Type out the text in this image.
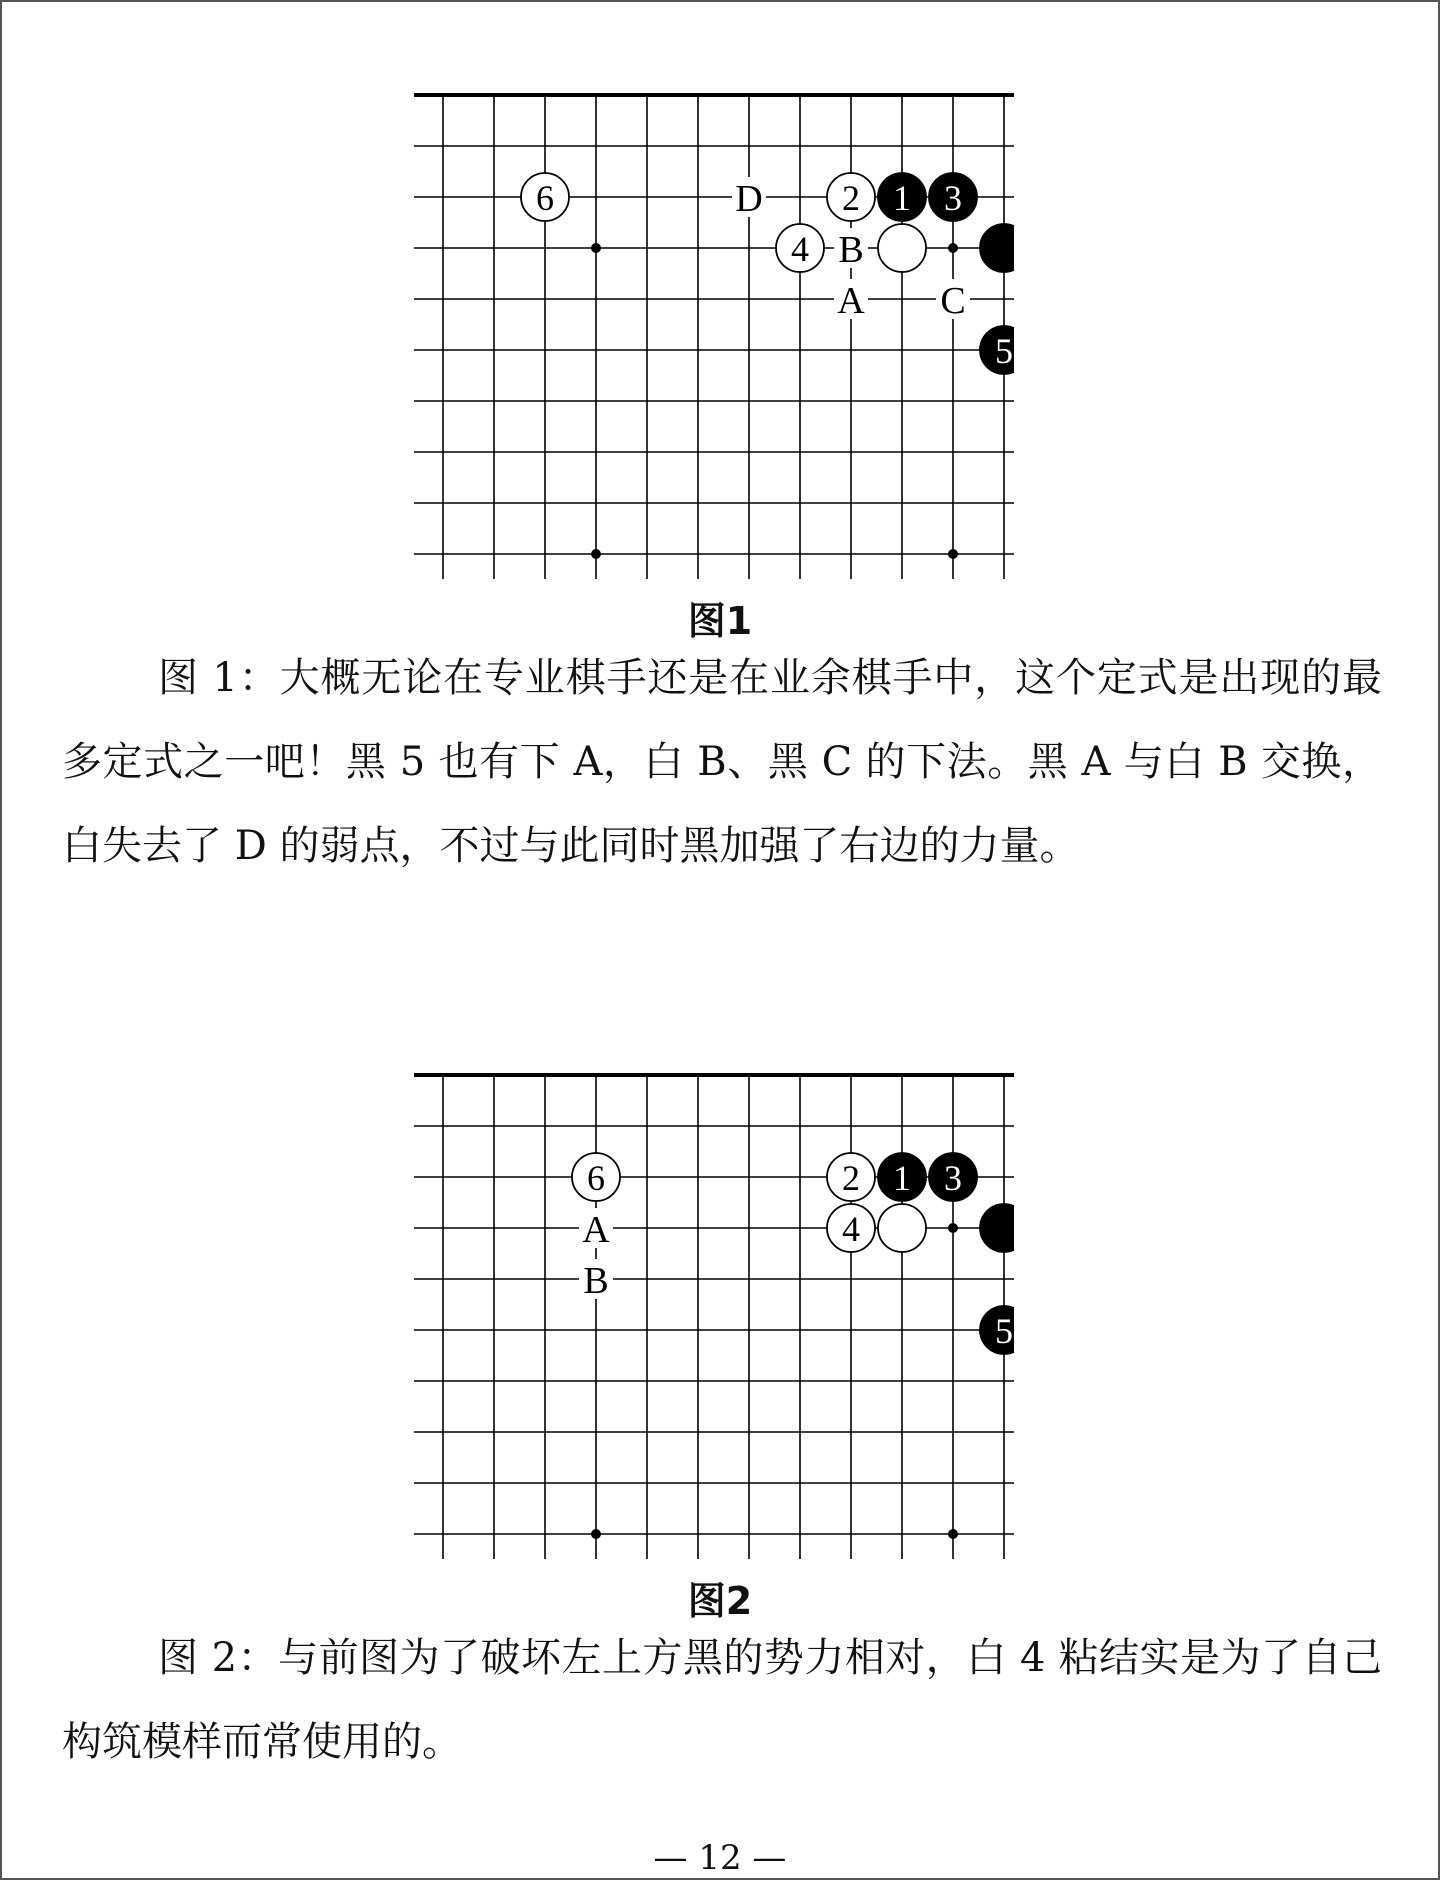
A
B
C
D	1
2 3
4
5
6
图1

图 1：大概无论在专业棋手还是在业余棋手中，这个定式是出现的最多定式之一吧！黑 5 也有下 A，白 B、黑 C 的下法。黑 A 与白 B 交换，白失去了 D 的弱点，不过与此同时黑加强了右边的力量。

A
B
1
2 3
4
5
6
图2

图 2：与前图为了破坏左上方黑的势力相对，白 4 粘结实是为了自己构筑模样而常使用的。

— 12 —
